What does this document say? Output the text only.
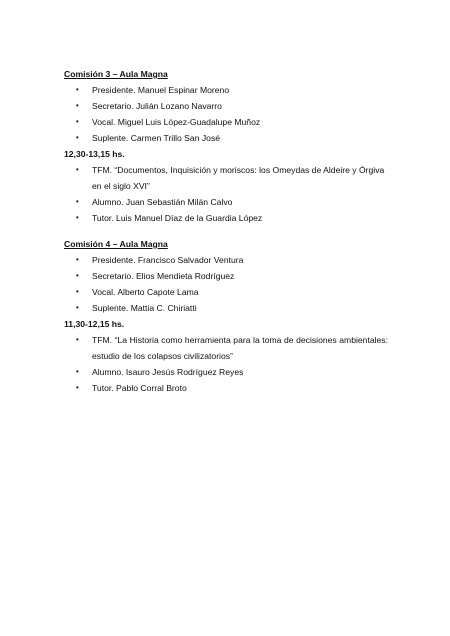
Comisión 3 – Aula Magna
• Presidente. Manuel Espinar Moreno
• Secretario. Julián Lozano Navarro
• Vocal. Miguel Luis López-Guadalupe Muñoz
• Suplente. Carmen Trillo San José
12,30-13,15 hs.
• TFM. “Documentos, Inquisición y moriscos: los Omeydas de Aldeire y Órgiva en el siglo XVI”
• Alumno. Juan Sebastián Milán Calvo
• Tutor. Luis Manuel Díaz de la Guardia López
Comisión 4 – Aula Magna
• Presidente. Francisco Salvador Ventura
• Secretario. Elios Mendieta Rodríguez
• Vocal. Alberto Capote Lama
• Suplente. Mattia C. Chiriatti
11,30-12,15 hs.
• TFM. “La Historia como herramienta para la toma de decisiones ambientales: estudio de los colapsos civilizatorios”
• Alumno. Isauro Jesús Rodríguez Reyes
• Tutor. Pablo Corral Broto
